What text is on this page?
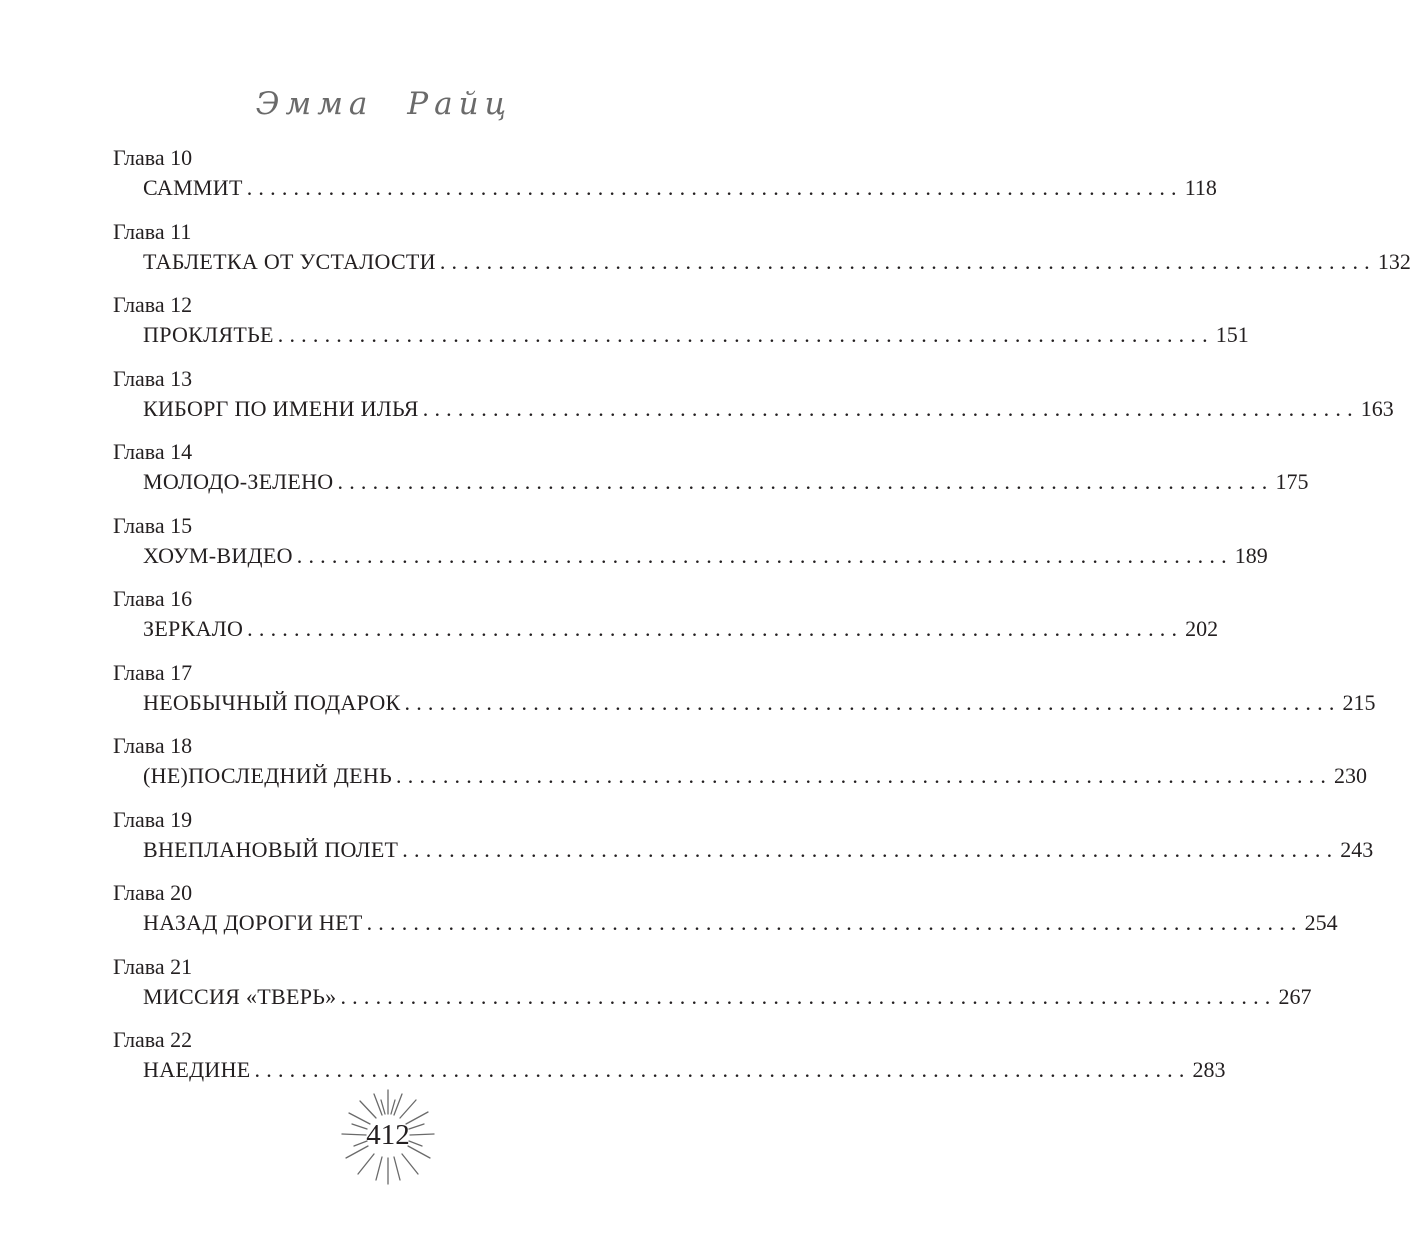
Эмма Райц
Глава 10
САММИТ ................................................................................ 118
Глава 11
ТАБЛЕТКА ОТ УСТАЛОСТИ ................................................................................ 132
Глава 12
ПРОКЛЯТЬЕ ................................................................................ 151
Глава 13
КИБОРГ ПО ИМЕНИ ИЛЬЯ ................................................................................ 163
Глава 14
МОЛОДО-ЗЕЛЕНО ................................................................................ 175
Глава 15
ХОУМ-ВИДЕО ................................................................................ 189
Глава 16
ЗЕРКАЛО ................................................................................ 202
Глава 17
НЕОБЫЧНЫЙ ПОДАРОК ................................................................................ 215
Глава 18
(НЕ)ПОСЛЕДНИЙ ДЕНЬ ................................................................................ 230
Глава 19
ВНЕПЛАНОВЫЙ ПОЛЕТ ................................................................................ 243
Глава 20
НАЗАД ДОРОГИ НЕТ ................................................................................ 254
Глава 21
МИССИЯ «ТВЕРЬ» ................................................................................ 267
Глава 22
НАЕДИНЕ ................................................................................ 283
412
